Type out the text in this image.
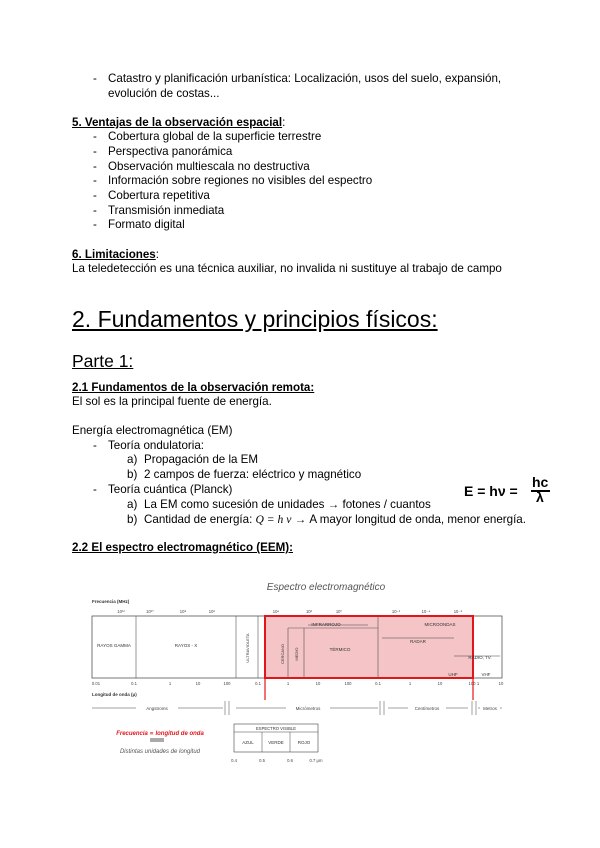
- Catastro y planificación urbanística: Localización, usos del suelo, expansión,
evolución de costas...
5. Ventajas de la observación espacial:
- Cobertura global de la superficie terrestre
- Perspectiva panorámica
- Observación multiescala no destructiva
- Información sobre regiones no visibles del espectro
- Cobertura repetitiva
- Transmisión inmediata
- Formato digital
6. Limitaciones:
La teledetección es una técnica auxiliar, no invalida ni sustituye al trabajo de campo
2. Fundamentos y principios físicos:
Parte 1:
2.1 Fundamentos de la observación remota:
El sol es la principal fuente de energía.
Energía electromagnética (EM)
- Teoría ondulatoria:
a) Propagación de la EM
b) 2 campos de fuerza: eléctrico y magnético
- Teoría cuántica (Planck)
a) La EM como sucesión de unidades → fotones / cuantos
b) Cantidad de energía: Q = h ν → A mayor longitud de onda, menor energía.
E = hν =
hc
λ
2.2 El espectro electromagnético (EEM):
Espectro electromagnético
Frecuencia (MHz)
10¹²	10¹⁰	10⁸	10⁶	10⁴	10²	10⁰	10⁻²	10⁻⁴	10⁻⁶
RAYOS GAMMA	RAYOS - X	ULTRAVIOLETA	CERCANO MEDIO
INFRARROJO
TÉRMICO
MICROONDAS
RADAR
RADIO, TV.
UHF	VHF
0.01	0.1	1	10	100	0.1	1	10	100	0.1	1	10	100 1	10
Longitud de onda (μ)
Angstroms	Micrómetros	Centímetros	Metros
Frecuencia ∝ longitud de onda
Distintas unidades de longitud
ESPECTRO VISIBLE
AZUL	VERDE	ROJO
0.4	0.5	0.6	0.7 μm
